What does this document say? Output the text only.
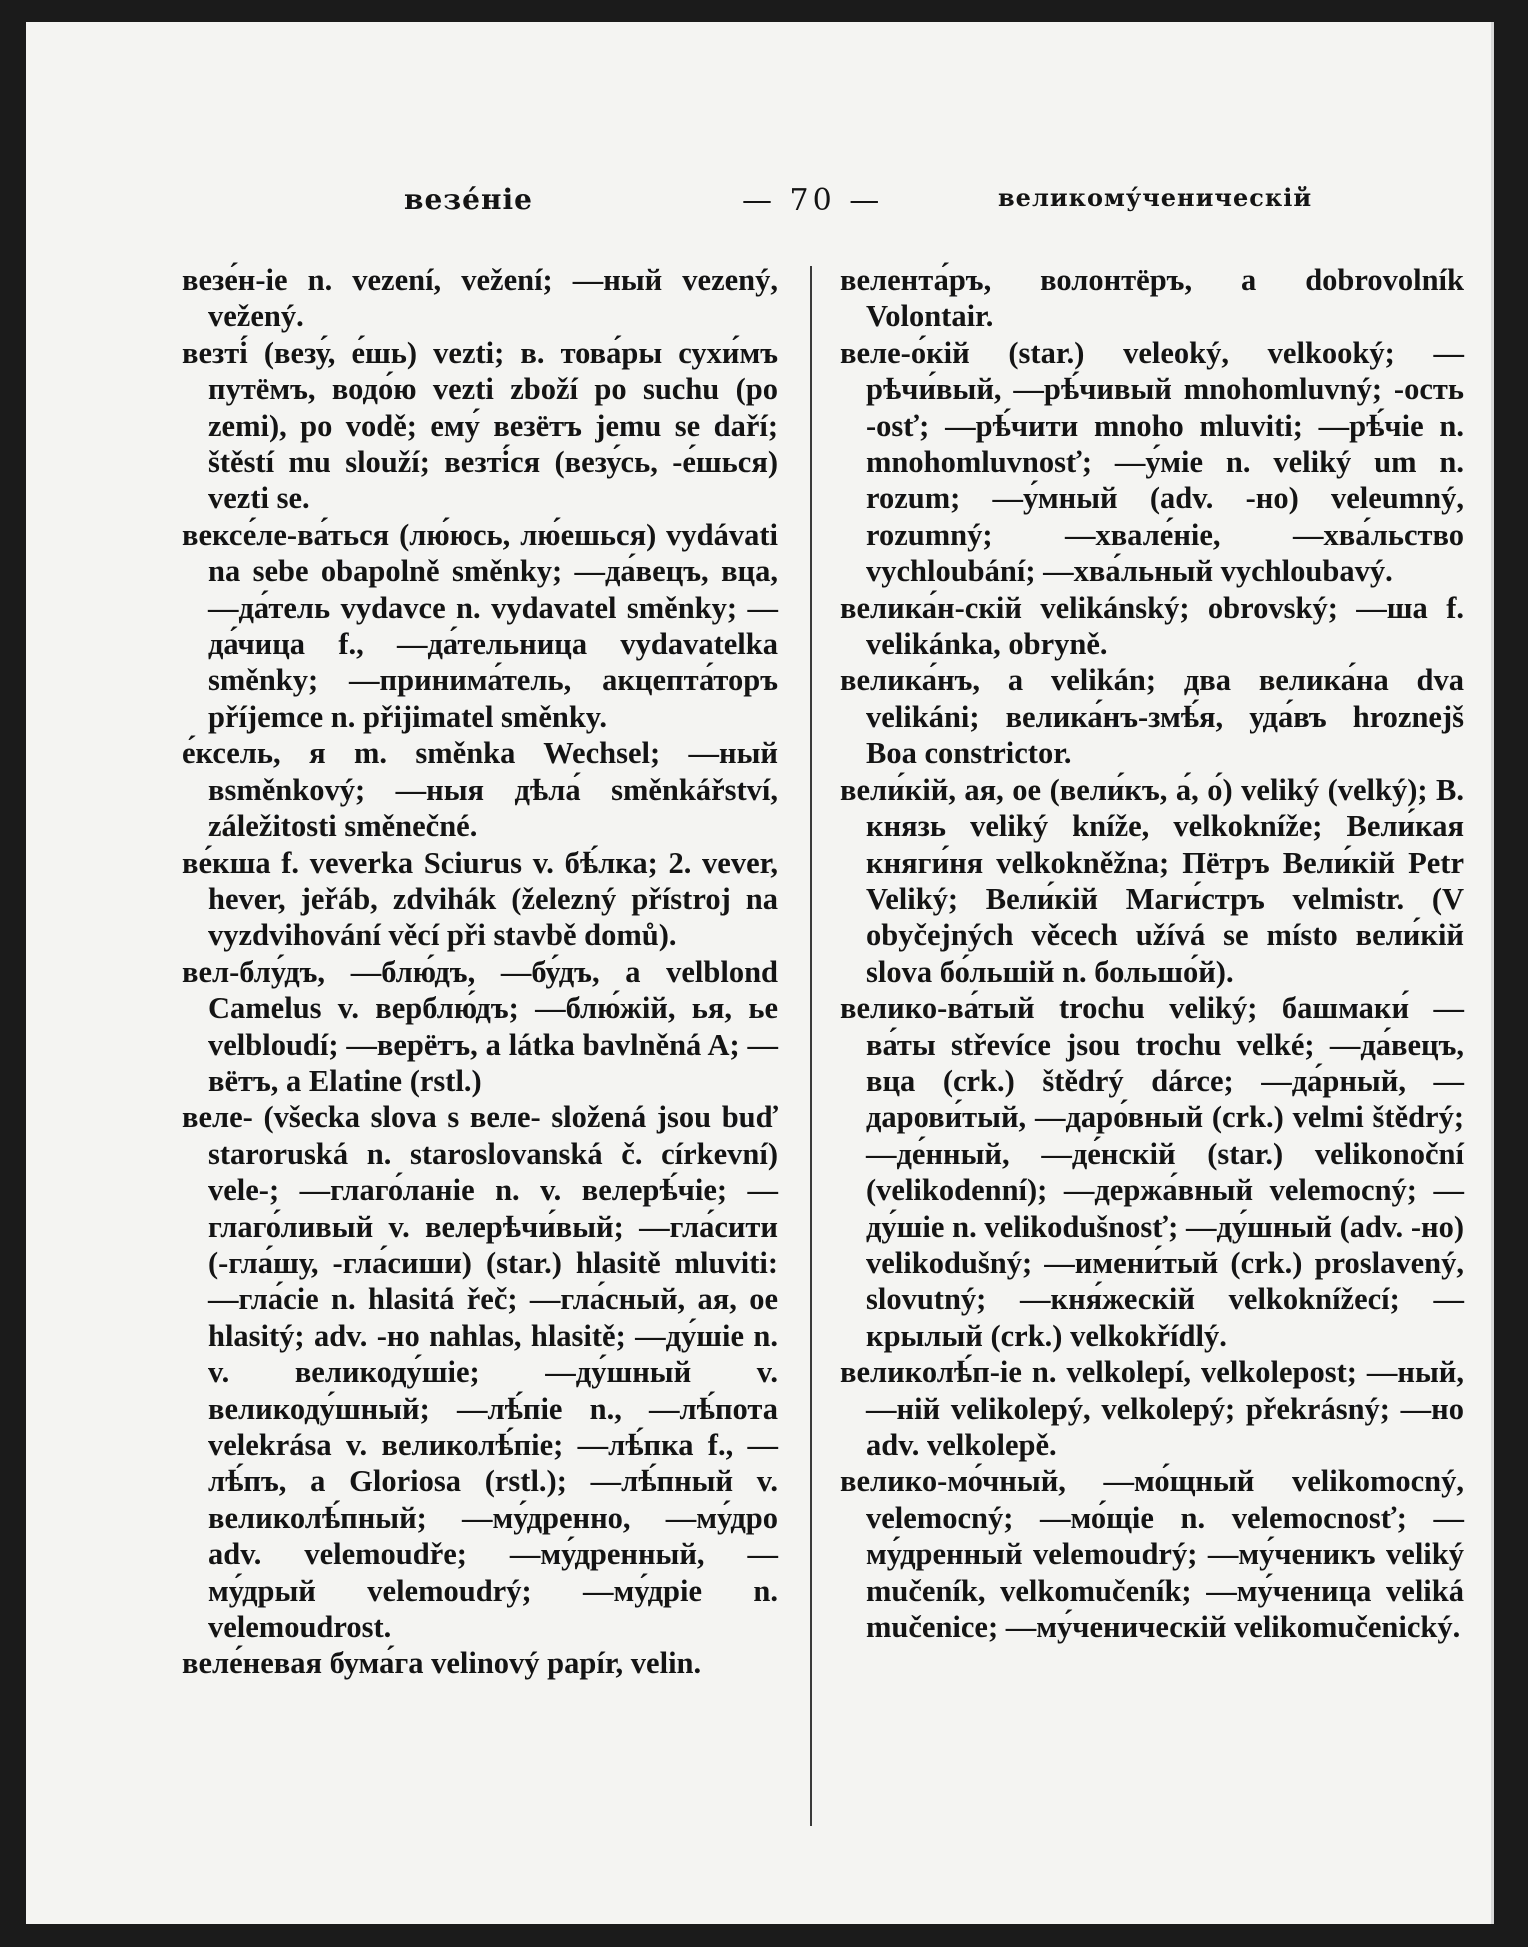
везе́ніе	— 70 —	великому́ченическій

везе́н-іе n. vezení, vežení; —ный vezený, vežený.

везті́ (везу́, е́шь) vezti; в. това́ры сухи́мъ путёмъ, водо́ю vezti zboží po suchu (po zemi), po vodě; ему́ везётъ jemu se daří; štěstí mu slouží; везті́ся (везу́сь, -е́шься) vezti se.

вексе́ле-ва́ться (лю́юсь, лю́ешься) vydávati na sebe obapolně směnky; —да́вецъ, вца, —да́тель vydavce n. vydavatel směnky; —да́чица f., —да́тельница vydavatelka směnky; —принима́тель, акцепта́торъ příjemce n. přijimatel směnky.

е́ксель, я m. směnka Wechsel; —ный вsměnkový; —ныя дѣла́ směnkářství, záležitosti směnečné.

ве́кша f. veverka Sciurus v. бѣ́лка; 2. vever, hever, jeřáb, zdvihák (železný přístroj na vyzdvihování věcí při stavbě domů).

вел-блу́дъ, —блю́дъ, —бу́дъ, a velblond Camelus v. верблю́дъ; —блю́жій, ья, ье velbloudí; —верётъ, a látka bavlněná A; —вётъ, a Elatine (rstl.)

веле- (všecka slova s веле- složená jsou buď staroruská n. staroslovanská č. církevní) vele-; —глаго́ланіе n. v. велерѣ́чіе; —глаго́ливый v. велерѣчи́вый; —гла́сити (-гла́шу, -гла́сиши) (star.) hlasitě mluviti: —гла́сіе n. hlasitá řeč; —гла́сный, ая, ое hlasitý; adv. -но nahlas, hlasitě; —ду́шіе n. v. великоду́шіе; —ду́шный v. великоду́шный; —лѣ́піе n., —лѣ́пота velekrása v. великолѣ́піе; —лѣ́пка f., —лѣ́пъ, a Gloriosa (rstl.); —лѣ́пный v. великолѣ́пный; —му́дренно, —му́дро adv. velemoudře; —му́дренный, —му́дрый velemoudrý; —му́дріе n. velemoudrost.

веле́невая бума́га velinový papír, velin.

велента́ръ, волонтёръ, a dobrovolník Volontair.

веле-о́кій (star.) veleoký, velkooký; —рѣчи́вый, —рѣ́чивый mnohomluvný; -ость -osť; —рѣ́чити mnoho mluviti; —рѣ́чіе n. mnohomluvnosť; —у́міе n. veliký um n. rozum; —у́мный (adv. -но) veleumný, rozumný; —хвале́ніе, —хва́льство vychloubání; —хва́льный vychloubavý.

велика́н-скій velikánský; obrovský; —ша f. velikánka, obryně.

велика́нъ, a velikán; два велика́на dva velikáni; велика́нъ-змѣ́я, уда́въ hroznejš Boa constrictor.

вели́кій, ая, ое (вели́къ, а́, о́) veliký (velký); В. князь veliký kníže, velkokníže; Вели́кая княги́ня velkokněžna; Пётръ Вели́кій Petr Veliký; Вели́кій Маги́стръ velmistr. (V obyčejných věcech užívá se místo вели́кій slova бо́льшій n. большо́й).

велико-ва́тый trochu veliký; башмаки́ —ва́ты střevíce jsou trochu velké; —да́вецъ, вца (crk.) štědrý dárce; —да́рный, —дарови́тый, —даро́вный (crk.) velmi štědrý; —де́нный, —де́нскій (star.) velikonoční (velikodenní); —держа́вный velemocný; —ду́шіе n. velikodušnosť; —ду́шный (adv. -но) velikodušný; —имени́тый (crk.) proslavený, slovutný; —кня́жескій velkoknížecí; —крылый (crk.) velkokřídlý.

великолѣ́п-іе n. velkolepí, velkolepost; —ный, —ній velikolepý, velkolepý; překrásný; —но adv. velkolepě.

велико-мо́чный, —мо́щный velikomocný, velemocný; —мо́щіе n. velemocnosť; —му́дренный velemoudrý; —му́ченикъ veliký mučeník, velkomučeník; —му́ченица veliká mučenice; —му́ченическій velikomučenický.
